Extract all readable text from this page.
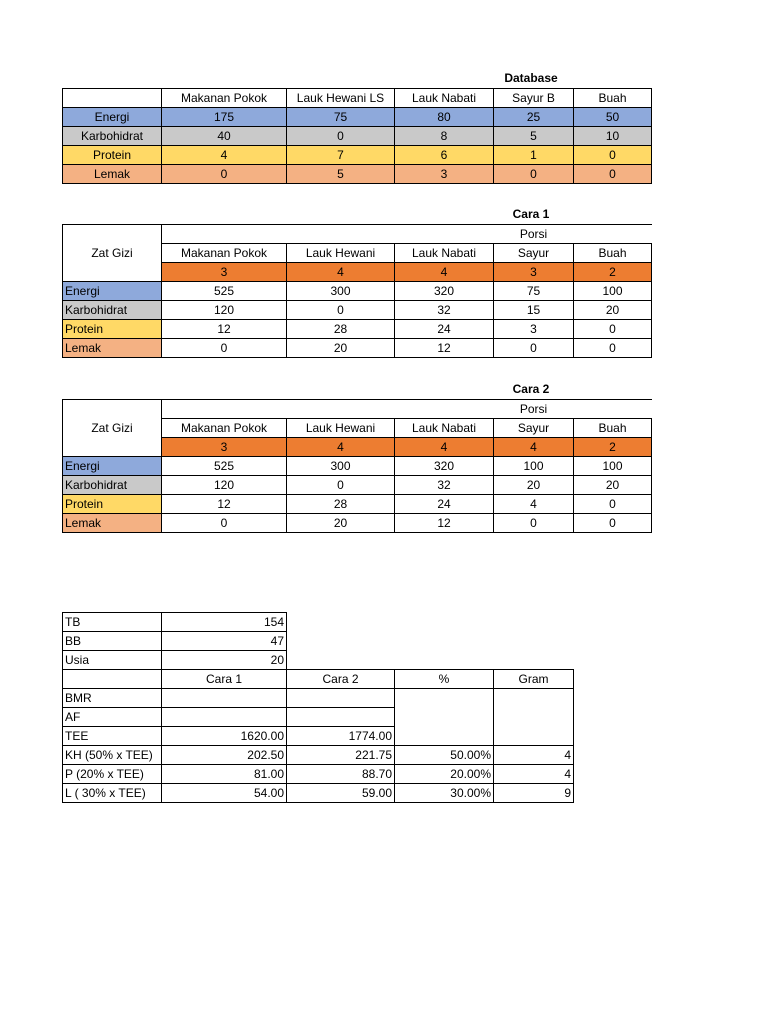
Database
	Makanan Pokok	Lauk Hewani LS	Lauk Nabati	Sayur B	Buah
Energi	175	75	80	25	50
Karbohidrat	40	0	8	5	10
Protein	4	7	6	1	0
Lemak	0	5	3	0	0
Cara 1
Zat Gizi				Porsi	
	Makanan Pokok	Lauk Hewani	Lauk Nabati	Sayur	Buah
	3	4	4	3	2
Energi	525	300	320	75	100
Karbohidrat	120	0	32	15	20
Protein	12	28	24	3	0
Lemak	0	20	12	0	0
Cara 2
Zat Gizi				Porsi	
	Makanan Pokok	Lauk Hewani	Lauk Nabati	Sayur	Buah
	3	4	4	4	2
Energi	525	300	320	100	100
Karbohidrat	120	0	32	20	20
Protein	12	28	24	4	0
Lemak	0	20	12	0	0
TB	154			
BB	47			
Usia	20			
	Cara 1	Cara 2	%	Gram
BMR				
AF				
TEE	1620.00	1774.00		
KH (50% x TEE)	202.50	221.75	50.00%	4
P (20% x TEE)	81.00	88.70	20.00%	4
L ( 30% x TEE)	54.00	59.00	30.00%	9
